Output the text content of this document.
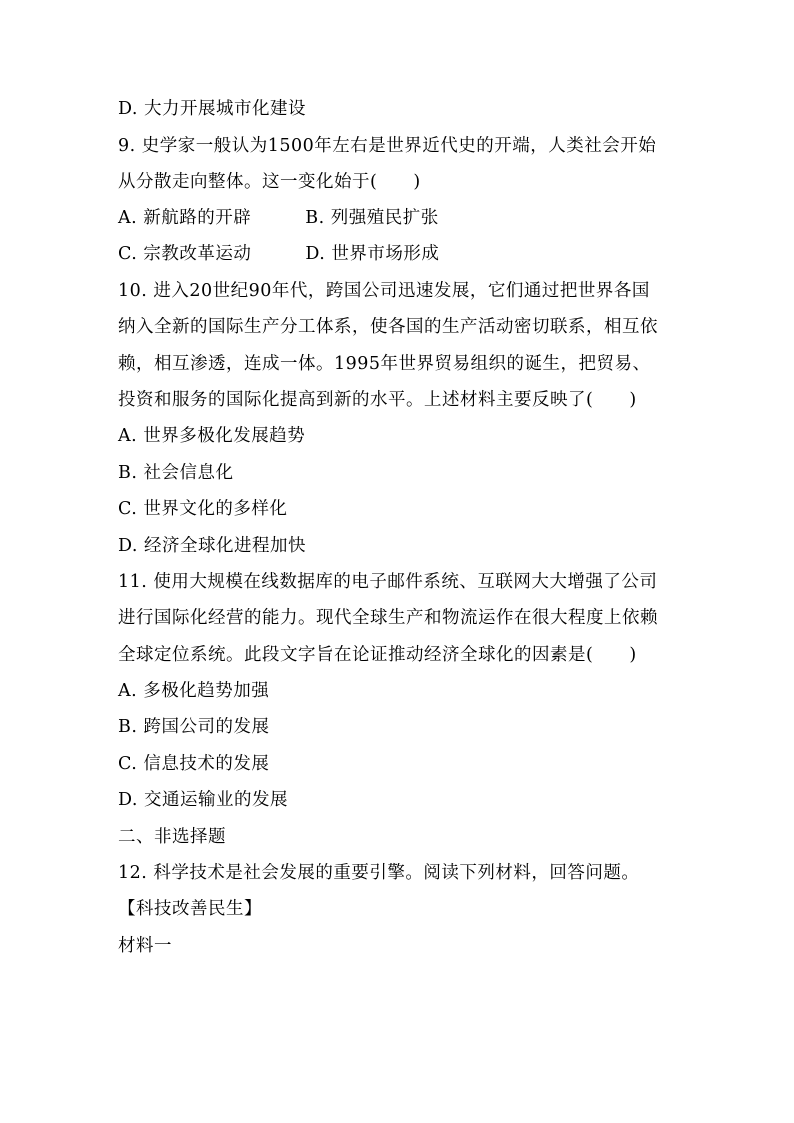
D. 大力开展城市化建设
9. 史学家一般认为1500年左右是世界近代史的开端，人类社会开始
从分散走向整体。这一变化始于(　　)
A. 新航路的开辟　　　B. 列强殖民扩张
C. 宗教改革运动　　　D. 世界市场形成
10. 进入20世纪90年代，跨国公司迅速发展，它们通过把世界各国
纳入全新的国际生产分工体系，使各国的生产活动密切联系，相互依
赖，相互渗透，连成一体。1995年世界贸易组织的诞生，把贸易、
投资和服务的国际化提高到新的水平。上述材料主要反映了(　　)
A. 世界多极化发展趋势
B. 社会信息化
C. 世界文化的多样化
D. 经济全球化进程加快
11. 使用大规模在线数据库的电子邮件系统、互联网大大增强了公司
进行国际化经营的能力。现代全球生产和物流运作在很大程度上依赖
全球定位系统。此段文字旨在论证推动经济全球化的因素是(　　)
A. 多极化趋势加强
B. 跨国公司的发展
C. 信息技术的发展
D. 交通运输业的发展
二、非选择题
12. 科学技术是社会发展的重要引擎。阅读下列材料，回答问题。
【科技改善民生】
材料一
